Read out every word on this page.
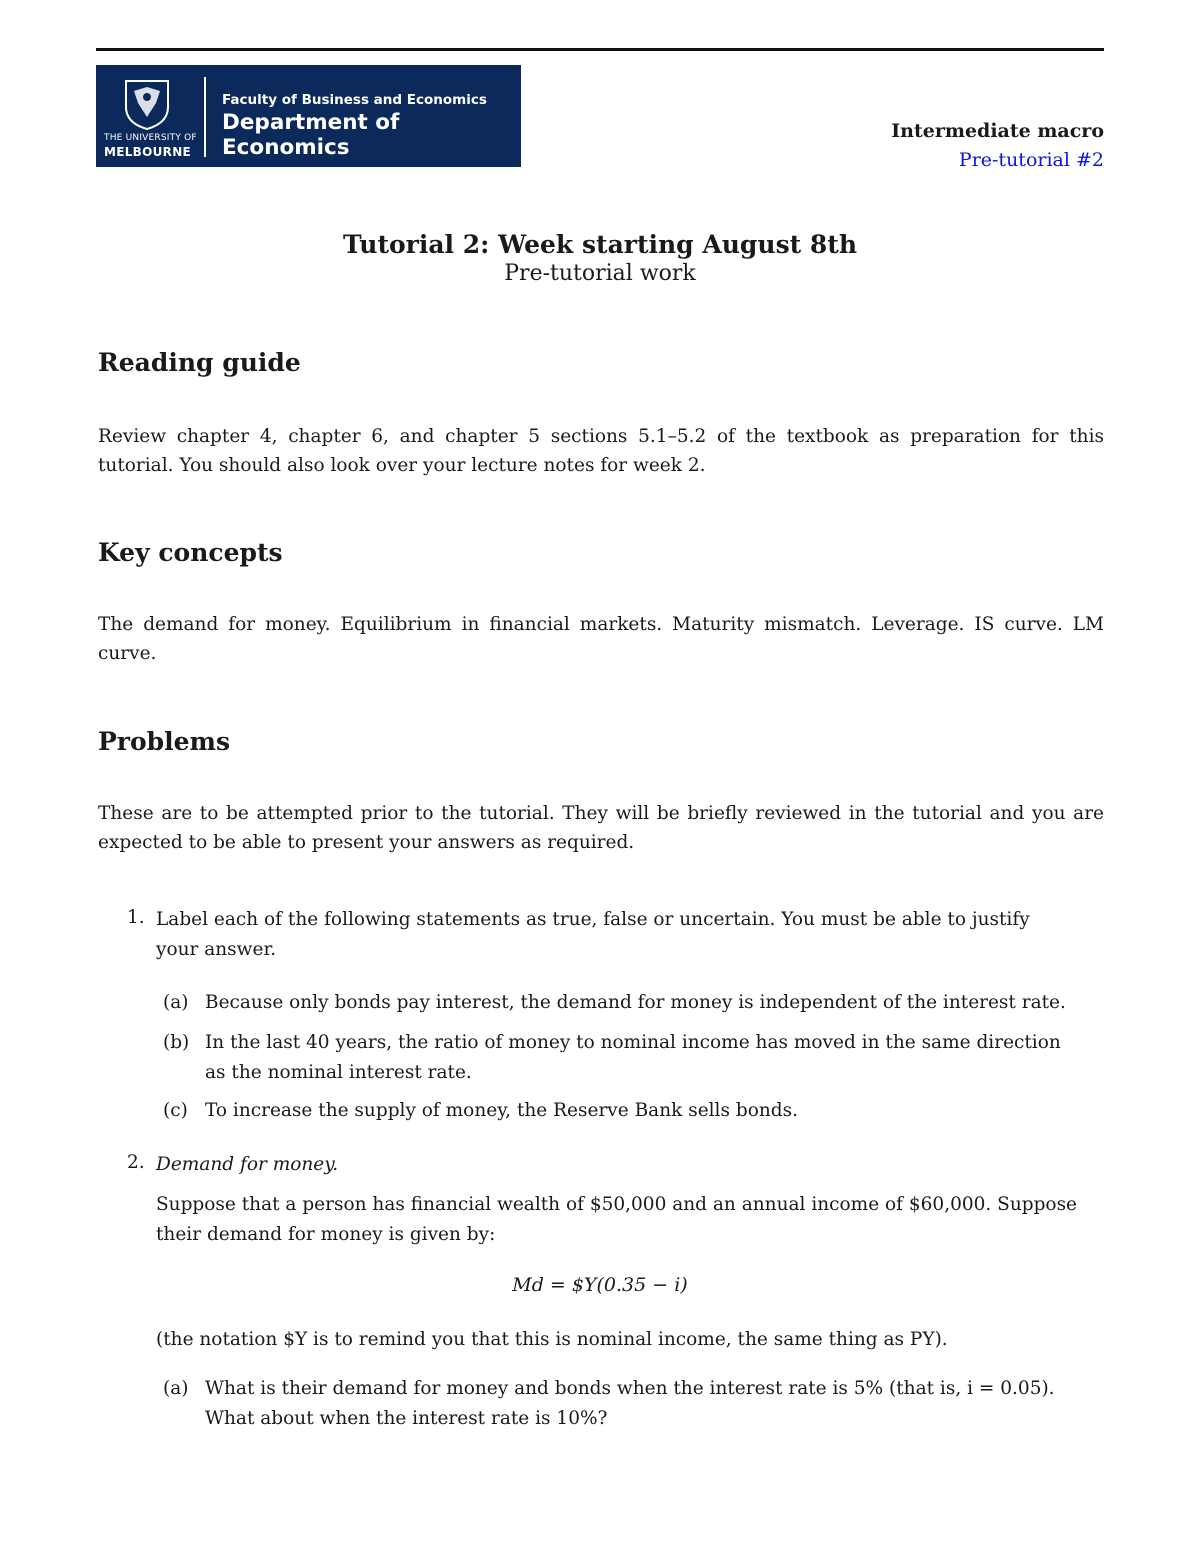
THE UNIVERSITY OF
MELBOURNE
Faculty of Business and Economics
Department of Economics
Intermediate macro
Pre-tutorial #2
Tutorial 2: Week starting August 8th
Pre-tutorial work
Reading guide

Review chapter 4, chapter 6, and chapter 5 sections 5.1–5.2 of the textbook as preparation for this tutorial. You should also look over your lecture notes for week 2.

Key concepts

The demand for money. Equilibrium in financial markets. Maturity mismatch. Leverage. IS curve. LM curve.

Problems

These are to be attempted prior to the tutorial. They will be briefly reviewed in the tutorial and you are expected to be able to present your answers as required.

1. Label each of the following statements as true, false or uncertain. You must be able to justify
your answer.
(a) Because only bonds pay interest, the demand for money is independent of the interest rate.
(b) In the last 40 years, the ratio of money to nominal income has moved in the same direction
as the nominal interest rate.
(c) To increase the supply of money, the Reserve Bank sells bonds.
2. Demand for money.
Suppose that a person has financial wealth of $50,000 and an annual income of $60,000. Suppose
their demand for money is given by:
Md = $Y(0.35 − i)
(the notation $Y is to remind you that this is nominal income, the same thing as PY).
(a) What is their demand for money and bonds when the interest rate is 5% (that is, i = 0.05).
What about when the interest rate is 10%?
